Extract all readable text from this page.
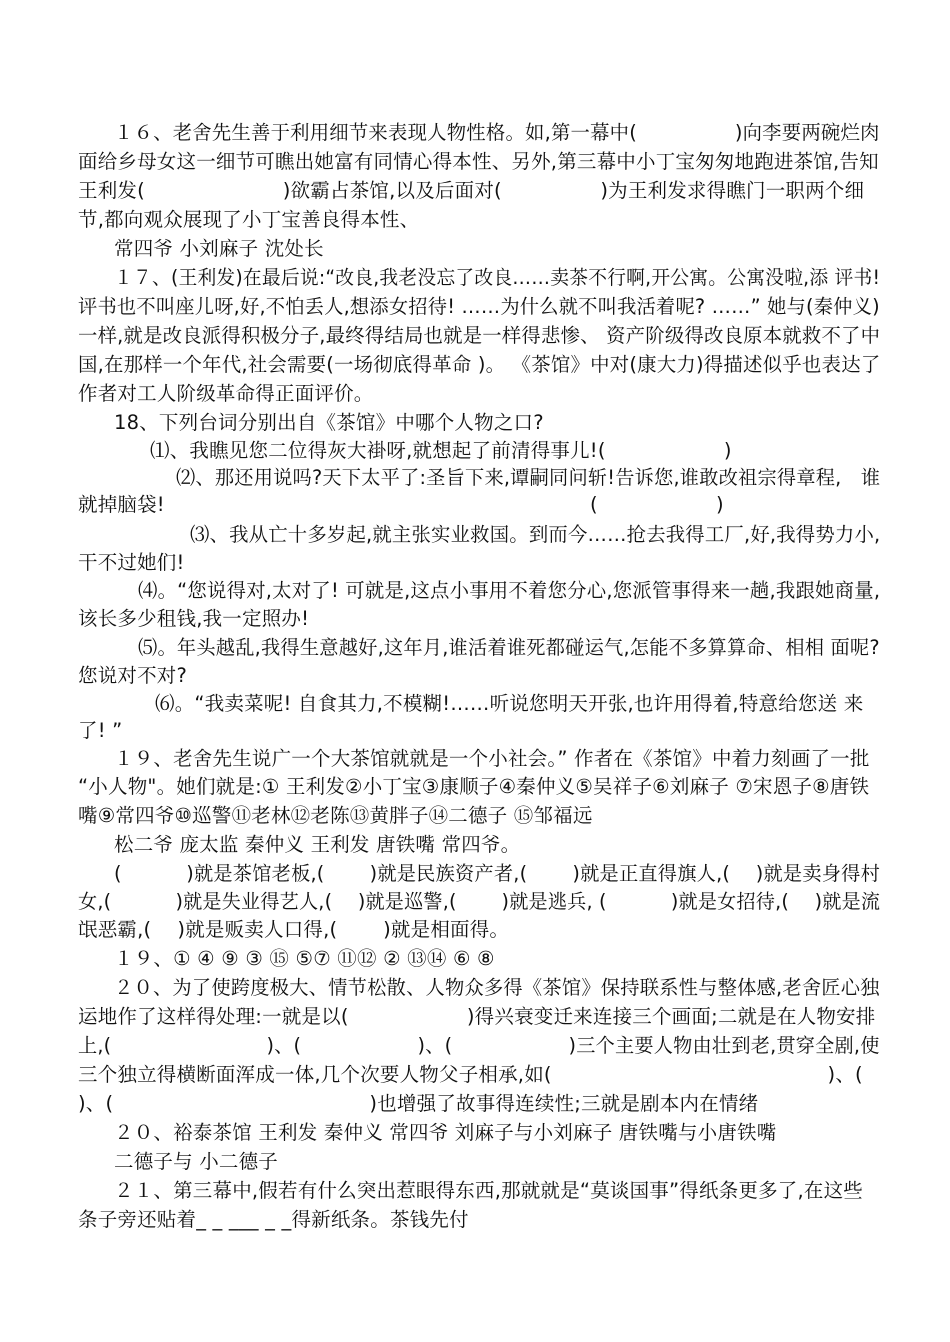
１６、老舍先生善于利用细节来表现人物性格。如,第一幕中(　　　　　)向李要两碗烂肉
面给乡母女这一细节可瞧出她富有同情心得本性、另外,第三幕中小丁宝匆匆地跑进茶馆,告知
王利发(　　　　　　　)欲霸占茶馆,以及后面对(　　　　　)为王利发求得瞧门一职两个细
节,都向观众展现了小丁宝善良得本性、
常四爷 小刘麻子 沈处长
１７、(王利发)在最后说:“改良,我老没忘了改良……卖茶不行啊,开公寓。公寓没啦,添 评书!
评书也不叫座儿呀,好,不怕丢人,想添女招待! ……为什么就不叫我活着呢? ……” 她与(秦仲义)
一样,就是改良派得积极分子,最终得结局也就是一样得悲惨、 资产阶级得改良原本就救不了中
国,在那样一个年代,社会需要(一场彻底得革命 )。 《茶馆》中对(康大力)得描述似乎也表达了
作者对工人阶级革命得正面评价。
18、下列台词分别出自《茶馆》中哪个人物之口?
⑴、我瞧见您二位得灰大褂呀,就想起了前清得事儿!(　　　　　　)
⑵、那还用说吗?天下太平了:圣旨下来,谭嗣同问斩!告诉您,谁敢改祖宗得章程,　谁
就掉脑袋!	(　　　　　　)
⑶、我从亡十多岁起,就主张实业救国。到而今……抢去我得工厂,好,我得势力小,
干不过她们!
⑷。“您说得对,太对了! 可就是,这点小事用不着您分心,您派管事得来一趟,我跟她商量,
该长多少租钱,我一定照办!
⑸。年头越乱,我得生意越好,这年月,谁活着谁死都碰运气,怎能不多算算命、相相 面呢?
您说对不对?
⑹。“我卖菜呢! 自食其力,不模糊!……听说您明天开张,也许用得着,特意给您送 来
了! ”
１９、老舍先生说广一个大茶馆就就是一个小社会。” 作者在《茶馆》中着力刻画了一批
“小人物"。她们就是:① 王利发②小丁宝③康顺子④秦仲义⑤吴祥子⑥刘麻子 ⑦宋恩子⑧唐铁
嘴⑨常四爷⑩巡警⑪老林⑫老陈⑬黄胖子⑭二德子 ⑮邹福远
松二爷 庞太监 秦仲义 王利发 唐铁嘴 常四爷。
(　　　 )就是茶馆老板,(　　 )就是民族资产者,(　　 )就是正直得旗人,(　 )就是卖身得村
女,(　　　 )就是失业得艺人,(　 )就是巡警,(　　 )就是逃兵, (　　　 )就是女招待,(　 )就是流
氓恶霸,(　 )就是贩卖人口得,(　　 )就是相面得。
１９、① ④ ⑨ ③ ⑮ ⑤⑦ ⑪⑫ ② ⑬⑭ ⑥ ⑧
２０、为了使跨度极大、情节松散、人物众多得《茶馆》保持联系性与整体感,老舍匠心独
运地作了这样得处理:一就是以(　　　　　　)得兴衰变迁来连接三个画面;二就是在人物安排
上,(　　　　　　　　)、(　　　　　　)、(　　　　　　)三个主要人物由壮到老,贯穿全剧,使
三个独立得横断面浑成一体,几个次要人物父子相承,如(　　　　　　　　　　　　　　)、(
)、(　　　　　　　　　　　　　)也增强了故事得连续性;三就是剧本内在情绪
２０、裕泰茶馆 王利发 秦仲义 常四爷 刘麻子与小刘麻子 唐铁嘴与小唐铁嘴
二德子与 小二德子
２１、第三幕中,假若有什么突出惹眼得东西,那就就是“莫谈国事”得纸条更多了,在这些
条子旁还贴着_ _ ___ _ _得新纸条。茶钱先付
